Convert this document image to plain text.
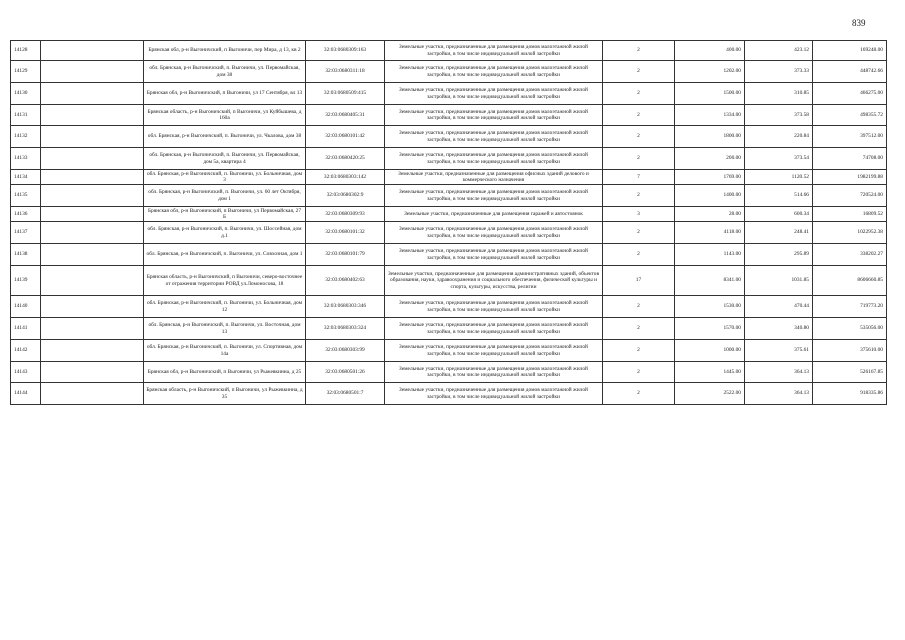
839
14128		Брянская обл, р-н Выгоничский, п Выгоничи, пер Мира, д 13, кв 2	32:03:0680309:163	Земельные участки, предназначенные для размещения домов малоэтажной жилой застройки, в том числе индивидуальной жилой застройки	2	400.00	423.12	169248.00
14129		обл. Брянская, р-н Выгоничский, п. Выгоничи, ул. Первомайская, дом 38	32:03:0680311:18	Земельные участки, предназначенные для размещения домов малоэтажной жилой застройки, в том числе индивидуальной жилой застройки	2	1202.00	373.33	448742.66
14130		Брянская обл, р-н Выгоничский, п Выгоничи, ул 17 Сентября, вл 13	32:03:0680509:415	Земельные участки, предназначенные для размещения домов малоэтажной жилой застройки, в том числе индивидуальной жилой застройки	2	1500.00	310.85	466275.00
14131		Брянская область, р-н Выгоничский, п Выгоничи, ул Куйбышева, д 160а	32:03:0680405:31	Земельные участки, предназначенные для размещения домов малоэтажной жилой застройки, в том числе индивидуальной жилой застройки	2	1334.00	373.58	498355.72
14132		обл. Брянская, р-н Выгоничский, п. Выгоничи, ул. Чкалова, дом 38	32:03:0680101:42	Земельные участки, предназначенные для размещения домов малоэтажной жилой застройки, в том числе индивидуальной жилой застройки	2	1800.00	220.84	397512.00
14133		обл. Брянская, р-н Выгоничский, п. Выгоничи, ул. Первомайская, дом 5а, квартира 4	32:03:0680420:25	Земельные участки, предназначенные для размещения домов малоэтажной жилой застройки, в том числе индивидуальной жилой застройки	2	200.00	373.54	74708.00
14134		обл. Брянская, р-н Выгоничский, п. Выгоничи, ул. Больничная, дом 3	32:03:0680303:142	Земельные участки, предназначенные для размещения офисных зданий делового и коммерческого назначения	7	1769.00	1120.52	1982199.88
14135		обл. Брянская, р-н Выгоничский, п. Выгоничи, ул. 60 лет Октября, дом 1	32:03:0680302:9	Земельные участки, предназначенные для размещения домов малоэтажной жилой застройки, в том числе индивидуальной жилой застройки	2	1400.00	514.66	720524.00
14136		Брянская обл, р-н Выгоничский, п Выгоничи, ул Первомайская, 27 Б	32:03:0680309:93	Земельные участки, предназначенные для размещения гаражей и автостоянок	3	28.00	600.34	16809.52
14137		обл. Брянская, р-н Выгоничский, п. Выгоничи, ул. Шоссейная, дом д.1	32:03:0680101:32	Земельные участки, предназначенные для размещения домов малоэтажной жилой застройки, в том числе индивидуальной жилой застройки	2	4118.00	248.41	1022952.38
14138		обл. Брянская, р-н Выгоничский, п. Выгоничи, ул. Совхозная, дом 1	32:03:0680101:79	Земельные участки, предназначенные для размещения домов малоэтажной жилой застройки, в том числе индивидуальной жилой застройки	2	1143.00	295.89	338202.27
14139		Брянская область, р-н Выгоничский, п Выгоничи, северо-восточнее от отражения территории РОВД ул.Ломоносова, 18	32:03:0680402:63	Земельные участки, предназначенные для размещения административных зданий, объектов образования, науки, здравоохранения и социального обеспечения, физической культуры и спорта, культуры, искусства, религии	17	8341.00	1031.85	8606660.85
14140		обл. Брянская, р-н Выгоничский, п. Выгоничи, ул. Больничная, дом 12	32:03:0680303:346	Земельные участки, предназначенные для размещения домов малоэтажной жилой застройки, в том числе индивидуальной жилой застройки	2	1530.00	470.44	719773.20
14141		обл. Брянская, р-н Выгоничский, п. Выгоничи, ул. Восточная, дом 13	32:03:0680303:324	Земельные участки, предназначенные для размещения домов малоэтажной жилой застройки, в том числе индивидуальной жилой застройки	2	1570.00	340.80	535056.00
14142		обл. Брянская, р-н Выгоничский, п. Выгоничи, ул. Спортивная, дом 14а	32:03:0680303:99	Земельные участки, предназначенные для размещения домов малоэтажной жилой застройки, в том числе индивидуальной жилой застройки	2	1000.00	375.61	375610.00
14143		Брянская обл, р-н Выгоничский, п Выгоничи, ул Рыжевкинна, д 25	32:03:0680501:26	Земельные участки, предназначенные для размещения домов малоэтажной жилой застройки, в том числе индивидуальной жилой застройки	2	1445.00	364.13	526167.85
14144		Брянская область, р-н Выгоничский, п Выгоничи, ул Рыжевкинна, д 35	32:03:0680501:7	Земельные участки, предназначенные для размещения домов малоэтажной жилой застройки, в том числе индивидуальной жилой застройки	2	2522.00	364.13	918335.86
